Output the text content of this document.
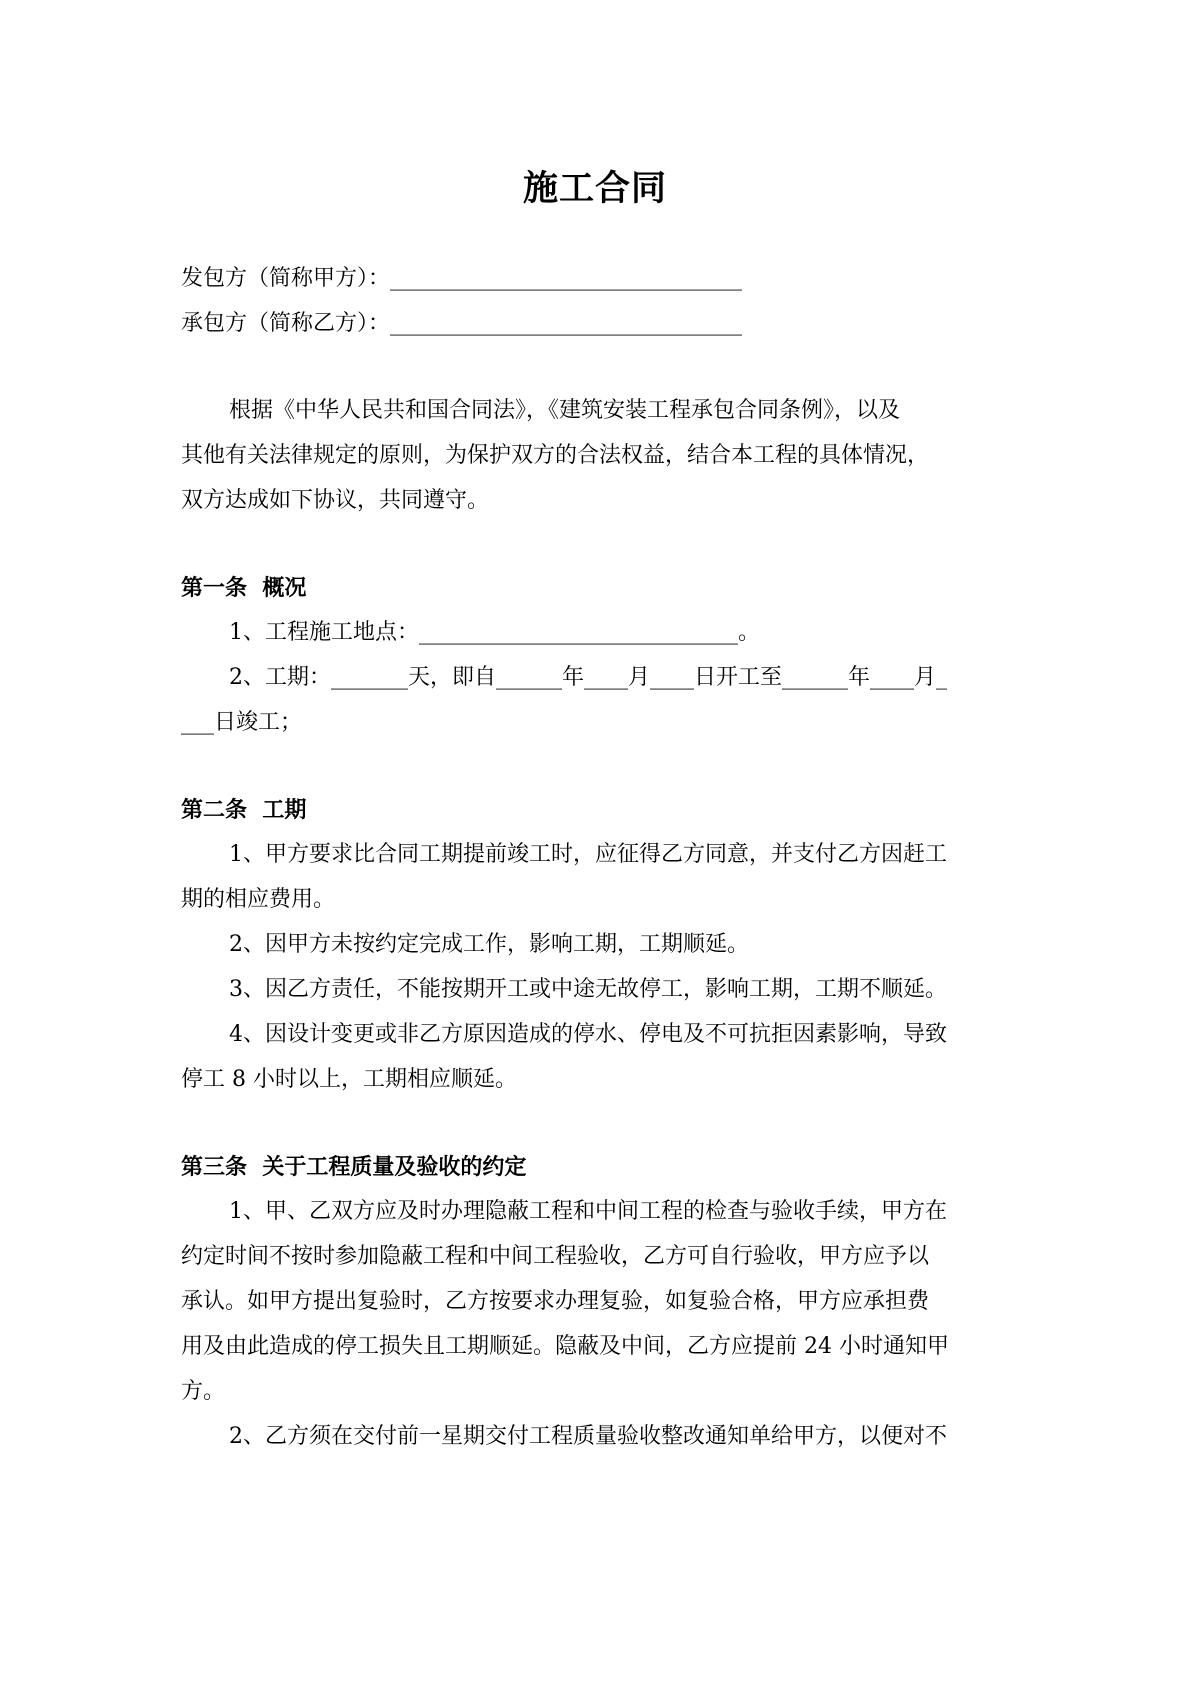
施工合同
发包方（简称甲方）：________________________________
承包方（简称乙方）：________________________________
根据《中华人民共和国合同法》，《建筑安装工程承包合同条例》，以及
其他有关法律规定的原则，为保护双方的合法权益，结合本工程的具体情况，
双方达成如下协议，共同遵守。
第一条  概况
1、工程施工地点：_____________________________。
2、工期：_______天，即自______年____月____日开工至______年____月_
___日竣工；
第二条  工期
1、甲方要求比合同工期提前竣工时，应征得乙方同意，并支付乙方因赶工
期的相应费用。
2、因甲方未按约定完成工作，影响工期，工期顺延。
3、因乙方责任，不能按期开工或中途无故停工，影响工期，工期不顺延。
4、因设计变更或非乙方原因造成的停水、停电及不可抗拒因素影响，导致
停工 8 小时以上，工期相应顺延。
第三条  关于工程质量及验收的约定
1、甲、乙双方应及时办理隐蔽工程和中间工程的检查与验收手续，甲方在
约定时间不按时参加隐蔽工程和中间工程验收，乙方可自行验收，甲方应予以
承认。如甲方提出复验时，乙方按要求办理复验，如复验合格，甲方应承担费
用及由此造成的停工损失且工期顺延。隐蔽及中间，乙方应提前 24 小时通知甲
方。
2、乙方须在交付前一星期交付工程质量验收整改通知单给甲方，以便对不
